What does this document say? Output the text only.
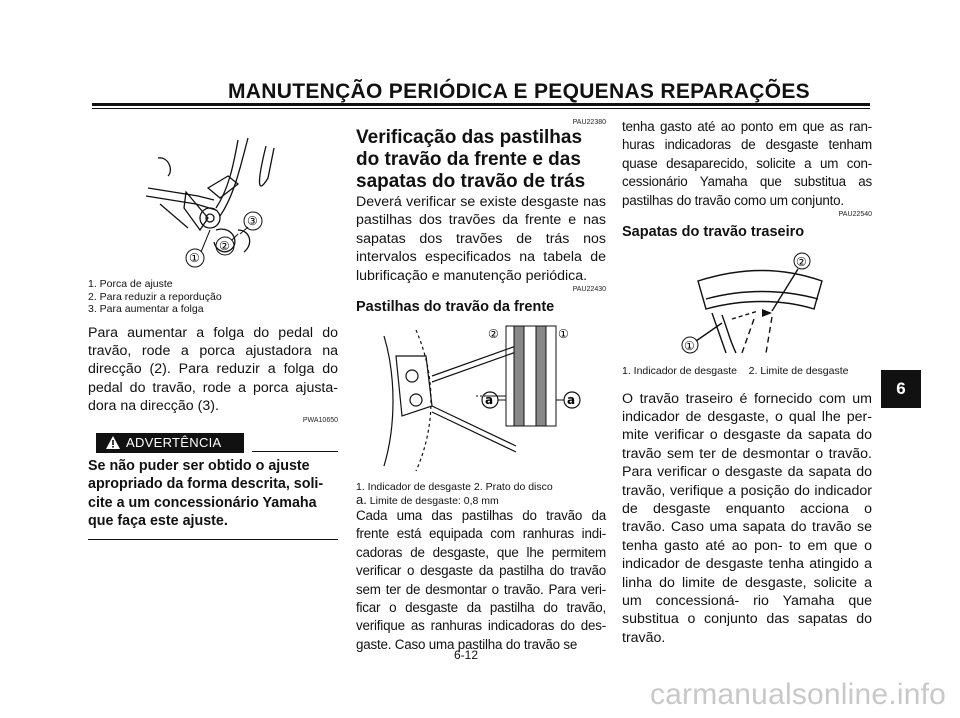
MANUTENÇÃO PERIÓDICA E PEQUENAS REPARAÇÕES
③
②
①
1. Porca de ajuste
2. Para reduzir a repordução
3. Para aumentar a folga
Para aumentar a folga do pedal do travão, rode a porca ajustadora na direcção (2). Para reduzir a folga do pedal do travão, rode a porca ajusta- dora na direcção (3).
PWA10650
ADVERTÊNCIA
Se não puder ser obtido o ajuste apropriado da forma descrita, soli- cite a um concessionário Yamaha que faça este ajuste.
PAU22380
Verificação das pastilhas do travão da frente e das sapatas do travão de trás
Deverá verificar se existe desgaste nas pastilhas dos travões da frente e nas sapatas dos travões de trás nos intervalos especificados na tabela de lubrificação e manutenção periódica.
PAU22430
Pastilhas do travão da frente
a	a
②	①
1. Indicador de desgaste 2. Prato do disco
a. Limite de desgaste: 0,8 mm
Cada uma das pastilhas do travão da frente está equipada com ranhuras indi- cadoras de desgaste, que lhe permitem verificar o desgaste da pastilha do travão sem ter de desmontar o travão. Para veri- ficar o desgaste da pastilha do travão, verifique as ranhuras indicadoras do des- gaste. Caso uma pastilha do travão se
tenha gasto até ao ponto em que as ran- huras indicadoras de desgaste tenham quase desaparecido, solicite a um con- cessionário Yamaha que substitua as pastilhas do travão como um conjunto.
PAU22540
Sapatas do travão traseiro
②
①
1. Indicador de desgaste    2. Limite de desgaste
O travão traseiro é fornecido com um indicador de desgaste, o qual lhe per- mite verificar o desgaste da sapata do travão sem ter de desmontar o travão. Para verificar o desgaste da sapata do travão, verifique a posição do indicador de desgaste enquanto acciona o travão. Caso uma sapata do travão se tenha gasto até ao pon- to em que o indicador de desgaste tenha atingido a linha do limite de desgaste, solicite a um concessioná- rio Yamaha que substitua o conjunto das sapatas do travão.
6
6-12
carmanualsonline.info
